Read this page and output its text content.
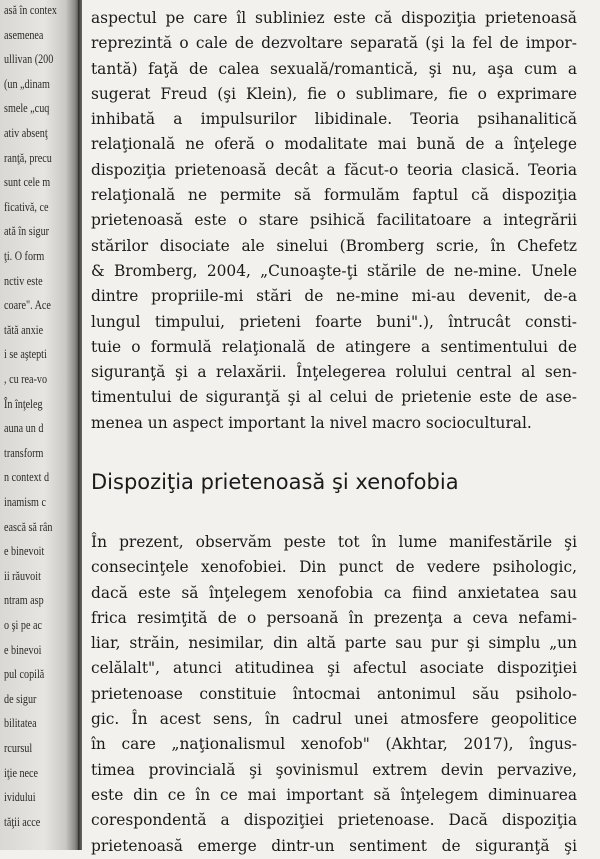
asă în contex
asemenea
ullivan (200
(un „dinam
smele „cuq
ativ absenţ
ranţă, precu
sunt cele m
ficativă, ce
ată în sigur
ţi. O form
nctiv este
coare". Ace
tătă anxie
i se aştepti
, cu rea-vo
În înţeleg
auna un d
transform
n context d
inamism c
ească să rân
e binevoit
ii răuvoit
ntram asp
o şi pe ac
e binevoi
pul copilă
de sigur
bilitatea
rcursul
iţie nece
ividului
tăţii acce
aspectul pe care îl subliniez este că dispoziţia prietenoasă
reprezintă o cale de dezvoltare separată (şi la fel de impor-
tantă) faţă de calea sexuală/romantică, şi nu, aşa cum a
sugerat Freud (şi Klein), fie o sublimare, fie o exprimare
inhibată a impulsurilor libidinale. Teoria psihanalitică
relaţională ne oferă o modalitate mai bună de a înţelege
dispoziţia prietenoasă decât a făcut-o teoria clasică. Teoria
relaţională ne permite să formulăm faptul că dispoziţia
prietenoasă este o stare psihică facilitatoare a integrării
stărilor disociate ale sinelui (Bromberg scrie, în Chefetz
& Bromberg, 2004, „Cunoaşte-ţi stările de ne-mine. Unele
dintre propriile-mi stări de ne-mine mi-au devenit, de-a
lungul timpului, prieteni foarte buni".), întrucât consti-
tuie o formulă relaţională de atingere a sentimentului de
siguranţă şi a relaxării. Înţelegerea rolului central al sen-
timentului de siguranţă şi al celui de prietenie este de ase-
menea un aspect important la nivel macro sociocultural.
Dispoziţia prietenoasă şi xenofobia
În prezent, observăm peste tot în lume manifestările şi
consecinţele xenofobiei. Din punct de vedere psihologic,
dacă este să înţelegem xenofobia ca fiind anxietatea sau
frica resimţită de o persoană în prezenţa a ceva nefami-
liar, străin, nesimilar, din altă parte sau pur şi simplu „un
celălalt", atunci atitudinea şi afectul asociate dispoziţiei
prietenoase constituie întocmai antonimul său psiholo-
gic. În acest sens, în cadrul unei atmosfere geopolitice
în care „naţionalismul xenofob" (Akhtar, 2017), îngus-
timea provincială şi şovinismul extrem devin pervazive,
este din ce în ce mai important să înţelegem diminuarea
corespondentă a dispoziţiei prietenoase. Dacă dispoziţia
prietenoasă emerge dintr-un sentiment de siguranţă şi
